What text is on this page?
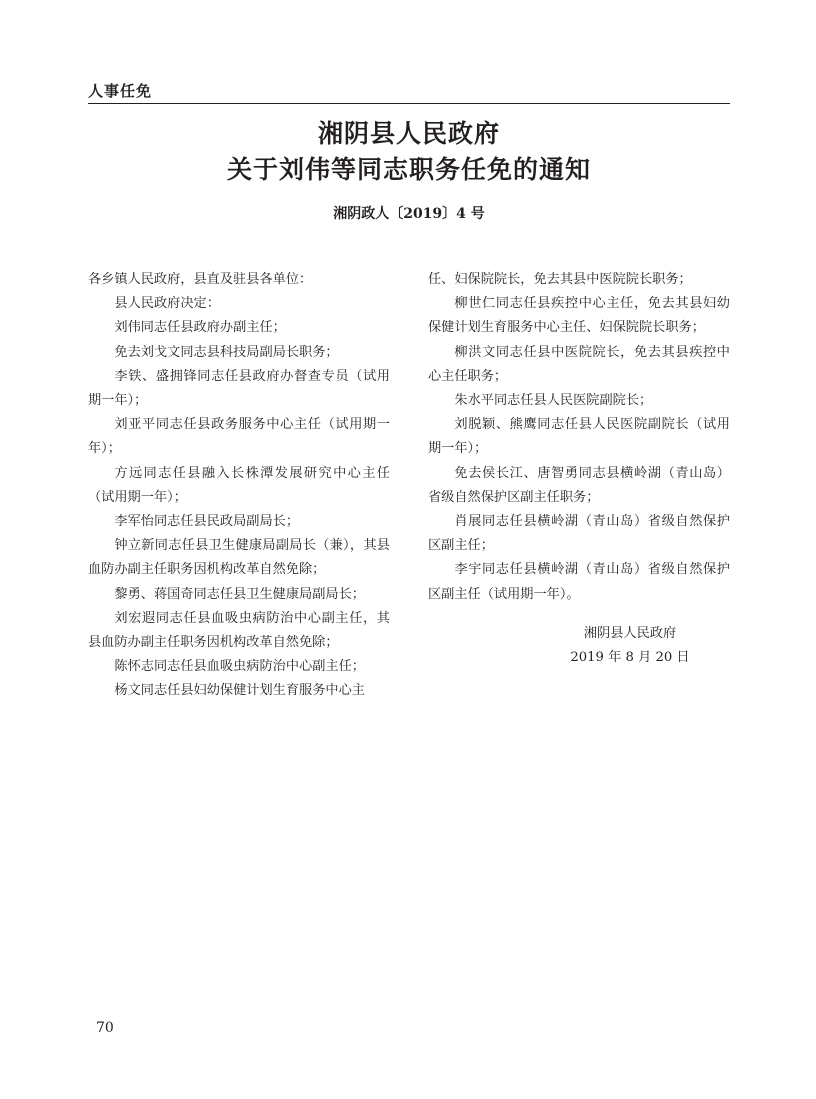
人事任免
湘阴县人民政府
关于刘伟等同志职务任免的通知
湘阴政人〔2019〕4 号

各乡镇人民政府，县直及驻县各单位：

县人民政府决定：

刘伟同志任县政府办副主任；

免去刘戈文同志县科技局副局长职务；

李铁、盛拥锋同志任县政府办督查专员（试用期一年）；

刘亚平同志任县政务服务中心主任（试用期一年）；

方远同志任县融入长株潭发展研究中心主任（试用期一年）；

李军怡同志任县民政局副局长；

钟立新同志任县卫生健康局副局长（兼），其县血防办副主任职务因机构改革自然免除；

黎勇、蒋国奇同志任县卫生健康局副局长；

刘宏遐同志任县血吸虫病防治中心副主任，其县血防办副主任职务因机构改革自然免除；

陈怀志同志任县血吸虫病防治中心副主任；

杨文同志任县妇幼保健计划生育服务中心主

任、妇保院院长，免去其县中医院院长职务；

柳世仁同志任县疾控中心主任，免去其县妇幼保健计划生育服务中心主任、妇保院院长职务；

柳洪文同志任县中医院院长，免去其县疾控中心主任职务；

朱水平同志任县人民医院副院长；

刘脱颖、熊鹰同志任县人民医院副院长（试用期一年）；

免去侯长江、唐智勇同志县横岭湖（青山岛）省级自然保护区副主任职务；

肖展同志任县横岭湖（青山岛）省级自然保护区副主任；

李宇同志任县横岭湖（青山岛）省级自然保护区副主任（试用期一年）。

湘阴县人民政府
2019 年 8 月 20 日
70
